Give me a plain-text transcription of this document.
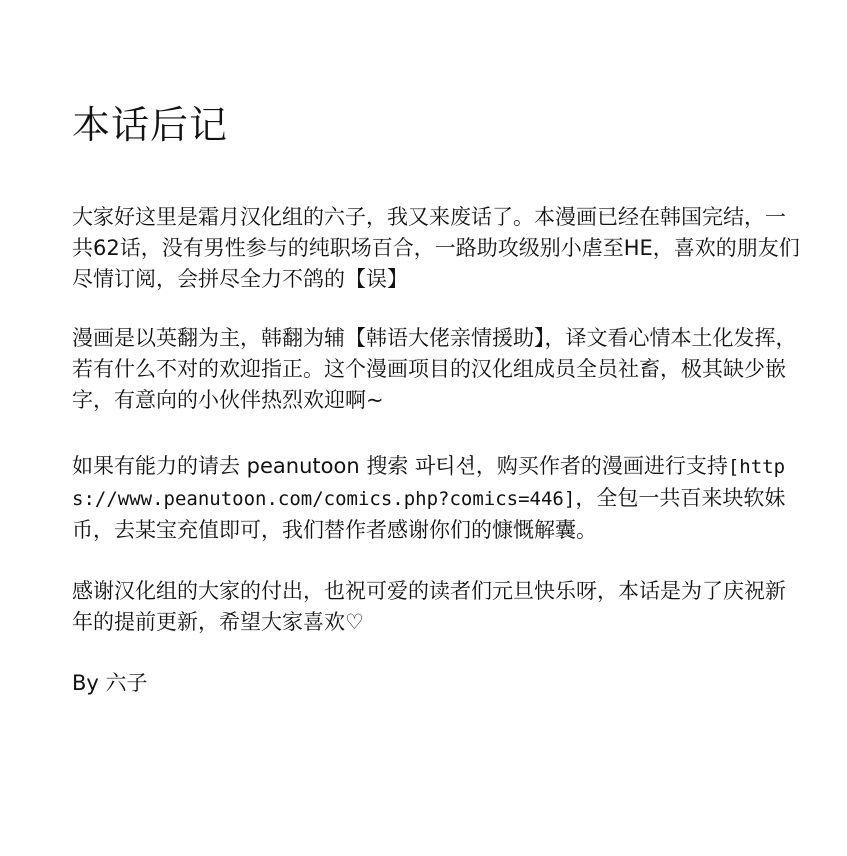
本话后记

大家好这里是霜月汉化组的六子，我又来废话了。本漫画已经在韩国完结，一共62话，没有男性参与的纯职场百合，一路助攻级别小虐至HE，喜欢的朋友们尽情订阅，会拼尽全力不鸽的【误】

漫画是以英翻为主，韩翻为辅【韩语大佬亲情援助】，译文看心情本土化发挥，若有什么不对的欢迎指正。这个漫画项目的汉化组成员全员社畜，极其缺少嵌字，有意向的小伙伴热烈欢迎啊~

如果有能力的请去 peanutoon 搜索 파티션，购买作者的漫画进行支持[https://www.peanutoon.com/comics.php?comics=446]，全包一共百来块软妹币，去某宝充值即可，我们替作者感谢你们的慷慨解囊。

感谢汉化组的大家的付出，也祝可爱的读者们元旦快乐呀，本话是为了庆祝新年的提前更新，希望大家喜欢♡

By 六子
